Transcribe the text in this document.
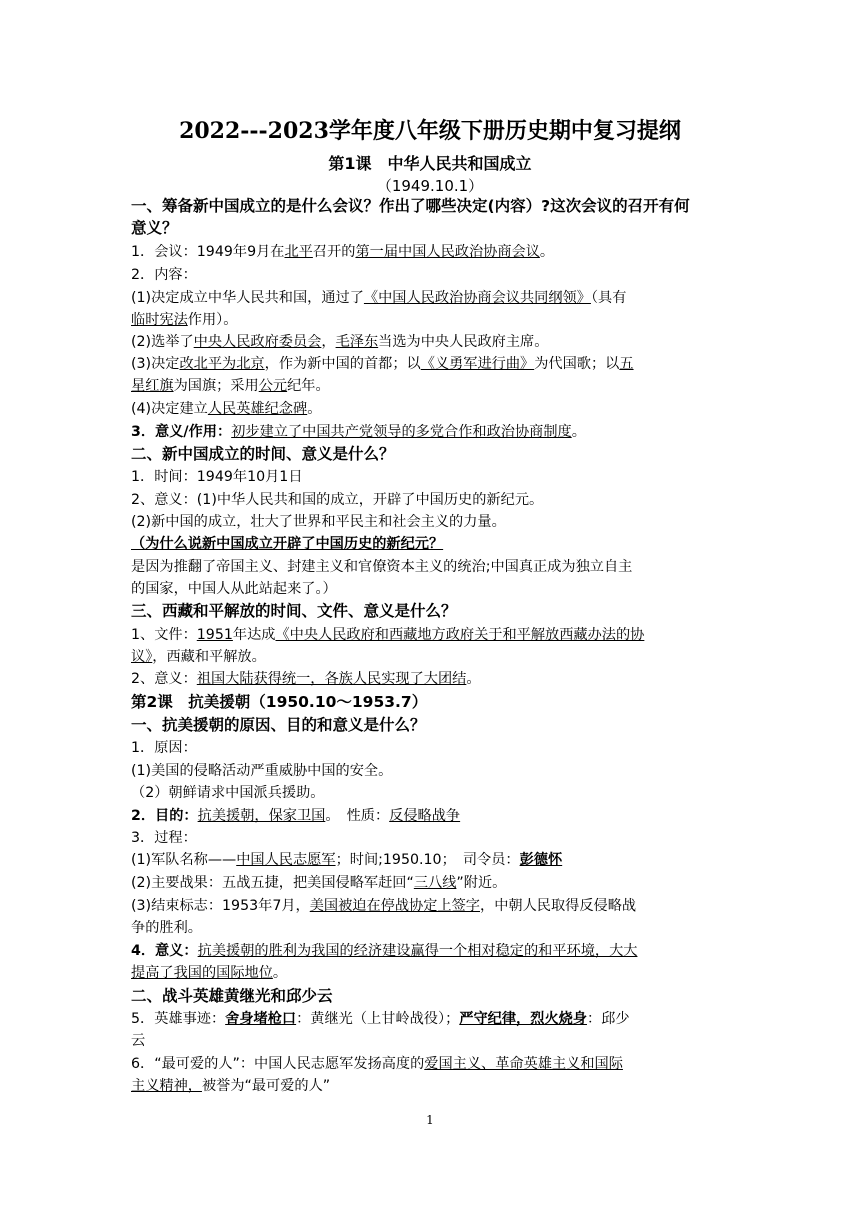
2022---2023学年度八年级下册历史期中复习提纲
第1课　中华人民共和国成立
（1949.10.1）
一、筹备新中国成立的是什么会议？作出了哪些决定(内容）?这次会议的召开有何
意义？
1．会议：1949年9月在北平召开的第一届中国人民政治协商会议。
2．内容：
(1)决定成立中华人民共和国，通过了《中国人民政治协商会议共同纲领》（具有
临时宪法作用）。
(2)选举了中央人民政府委员会，毛泽东当选为中央人民政府主席。
(3)决定改北平为北京，作为新中国的首都；以《义勇军进行曲》为代国歌；以五
星红旗为国旗；采用公元纪年。
(4)决定建立人民英雄纪念碑。
3．意义/作用：初步建立了中国共产党领导的多党合作和政治协商制度。
二、新中国成立的时间、意义是什么？
1．时间：1949年10月1日
2、意义：(1)中华人民共和国的成立，开辟了中国历史的新纪元。
(2)新中国的成立，壮大了世界和平民主和社会主义的力量。
（为什么说新中国成立开辟了中国历史的新纪元？
是因为推翻了帝国主义、封建主义和官僚资本主义的统治;中国真正成为独立自主
的国家，中国人从此站起来了。）
三、西藏和平解放的时间、文件、意义是什么？
1、文件：1951年达成《中央人民政府和西藏地方政府关于和平解放西藏办法的协
议》，西藏和平解放。
2、意义：祖国大陆获得统一，各族人民实现了大团结。
第2课　抗美援朝（1950.10～1953.7）
一、抗美援朝的原因、目的和意义是什么？
1．原因：
(1)美国的侵略活动严重威胁中国的安全。
（2）朝鲜请求中国派兵援助。
2．目的：抗美援朝，保家卫国。　性质：反侵略战争
3．过程：
(1)军队名称——中国人民志愿军；时间;1950.10；　司令员：彭德怀
(2)主要战果：五战五捷，把美国侵略军赶回“三八线”附近。
(3)结束标志：1953年7月，美国被迫在停战协定上签字，中朝人民取得反侵略战
争的胜利。
4．意义：抗美援朝的胜利为我国的经济建设赢得一个相对稳定的和平环境，大大
提高了我国的国际地位。
二、战斗英雄黄继光和邱少云
5．英雄事迹：舍身堵枪口：黄继光（上甘岭战役）；严守纪律，烈火烧身：邱少
云
6．“最可爱的人”：中国人民志愿军发扬高度的爱国主义、革命英雄主义和国际
主义精神，被誉为“最可爱的人”
1
